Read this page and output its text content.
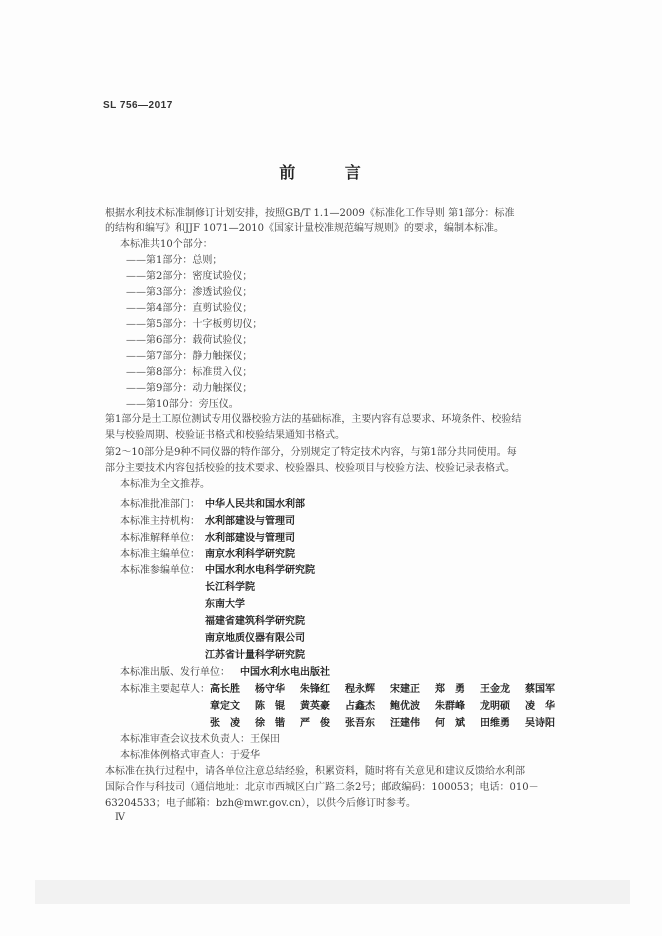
SL 756—2017
前 言
根据水利技术标准制修订计划安排，按照GB/T 1.1—2009《标准化工作导则 第1部分：标准
的结构和编写》和JJF 1071—2010《国家计量校准规范编写规则》的要求，编制本标准。
本标准共10个部分：
——第1部分：总则；
——第2部分：密度试验仪；
——第3部分：渗透试验仪；
——第4部分：直剪试验仪；
——第5部分：十字板剪切仪；
——第6部分：载荷试验仪；
——第7部分：静力触探仪；
——第8部分：标准贯入仪；
——第9部分：动力触探仪；
——第10部分：旁压仪。
第1部分是土工原位测试专用仪器校验方法的基础标准，主要内容有总要求、环境条件、校验结
果与校验周期、校验证书格式和校验结果通知书格式。
第2～10部分是9种不同仪器的特作部分，分别规定了特定技术内容，与第1部分共同使用。每
部分主要技术内容包括校验的技术要求、校验器具、校验项目与校验方法、校验记录表格式。
本标准为全文推荐。
本标准批准部门： 中华人民共和国水利部
本标准主持机构： 水利部建设与管理司
本标准解释单位： 水利部建设与管理司
本标准主编单位： 南京水利科学研究院
本标准参编单位： 中国水利水电科学研究院
长江科学院
东南大学
福建省建筑科学研究院
南京地质仪器有限公司
江苏省计量科学研究院
本标准出版、发行单位： 中国水利水电出版社
本标准主要起草人： 高长胜 杨守华 朱锋红 程永辉 宋建正 郑 勇 王金龙 蔡国军
章定文 陈 锟 黄英豪 占鑫杰 鲍优波 朱群峰 龙明硕 凌 华
张 凌 徐 锴 严 俊 张吾东 汪建伟 何 斌 田维勇 吴诗阳
本标准审查会议技术负责人：王保田
本标准体例格式审查人：于爱华
本标准在执行过程中，请各单位注意总结经验，积累资料，随时将有关意见和建议反馈给水利部
国际合作与科技司（通信地址：北京市西城区白广路二条2号；邮政编码：100053；电话：010－
63204533；电子邮箱：bzh@mwr.gov.cn），以供今后修订时参考。
Ⅳ
